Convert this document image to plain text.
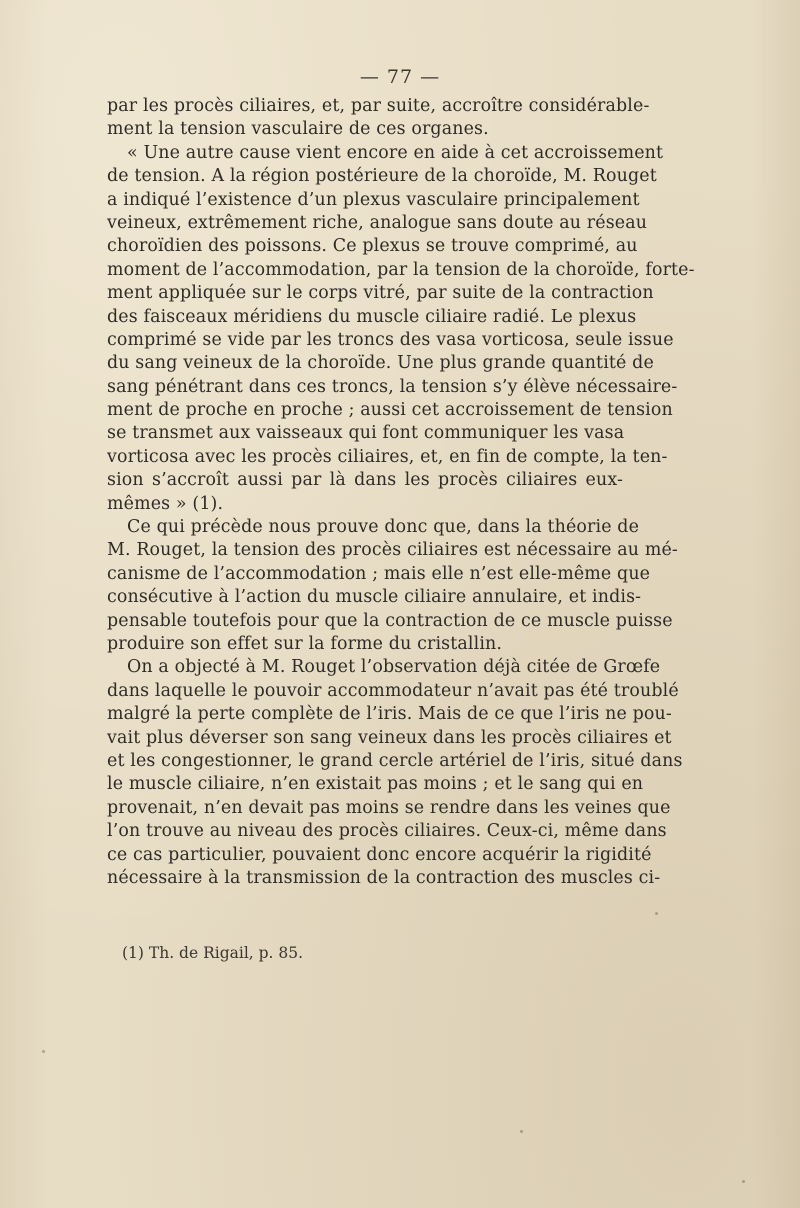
— 77 —
par les procès ciliaires, et, par suite, accroître considérable-
ment la tension vasculaire de ces organes.
« Une autre cause vient encore en aide à cet accroissement
de tension. A la région postérieure de la choroïde, M. Rouget
a indiqué l’existence d’un plexus vasculaire principalement
veineux, extrêmement riche, analogue sans doute au réseau
choroïdien des poissons. Ce plexus se trouve comprimé, au
moment de l’accommodation, par la tension de la choroïde, forte-
ment appliquée sur le corps vitré, par suite de la contraction
des faisceaux méridiens du muscle ciliaire radié. Le plexus
comprimé se vide par les troncs des vasa vorticosa, seule issue
du sang veineux de la choroïde. Une plus grande quantité de
sang pénétrant dans ces troncs, la tension s’y élève nécessaire-
ment de proche en proche ; aussi cet accroissement de tension
se transmet aux vaisseaux qui font communiquer les vasa
vorticosa avec les procès ciliaires, et, en fin de compte, la ten-
sion s’accroît aussi par là dans les procès ciliaires eux-
mêmes » (1).
Ce qui précède nous prouve donc que, dans la théorie de
M. Rouget, la tension des procès ciliaires est nécessaire au mé-
canisme de l’accommodation ; mais elle n’est elle-même que
consécutive à l’action du muscle ciliaire annulaire, et indis-
pensable toutefois pour que la contraction de ce muscle puisse
produire son effet sur la forme du cristallin.
On a objecté à M. Rouget l’observation déjà citée de Grœfe
dans laquelle le pouvoir accommodateur n’avait pas été troublé
malgré la perte complète de l’iris. Mais de ce que l’iris ne pou-
vait plus déverser son sang veineux dans les procès ciliaires et
et les congestionner, le grand cercle artériel de l’iris, situé dans
le muscle ciliaire, n’en existait pas moins ; et le sang qui en
provenait, n’en devait pas moins se rendre dans les veines que
l’on trouve au niveau des procès ciliaires. Ceux-ci, même dans
ce cas particulier, pouvaient donc encore acquérir la rigidité
nécessaire à la transmission de la contraction des muscles ci-
(1) Th. de Rigail, p. 85.
